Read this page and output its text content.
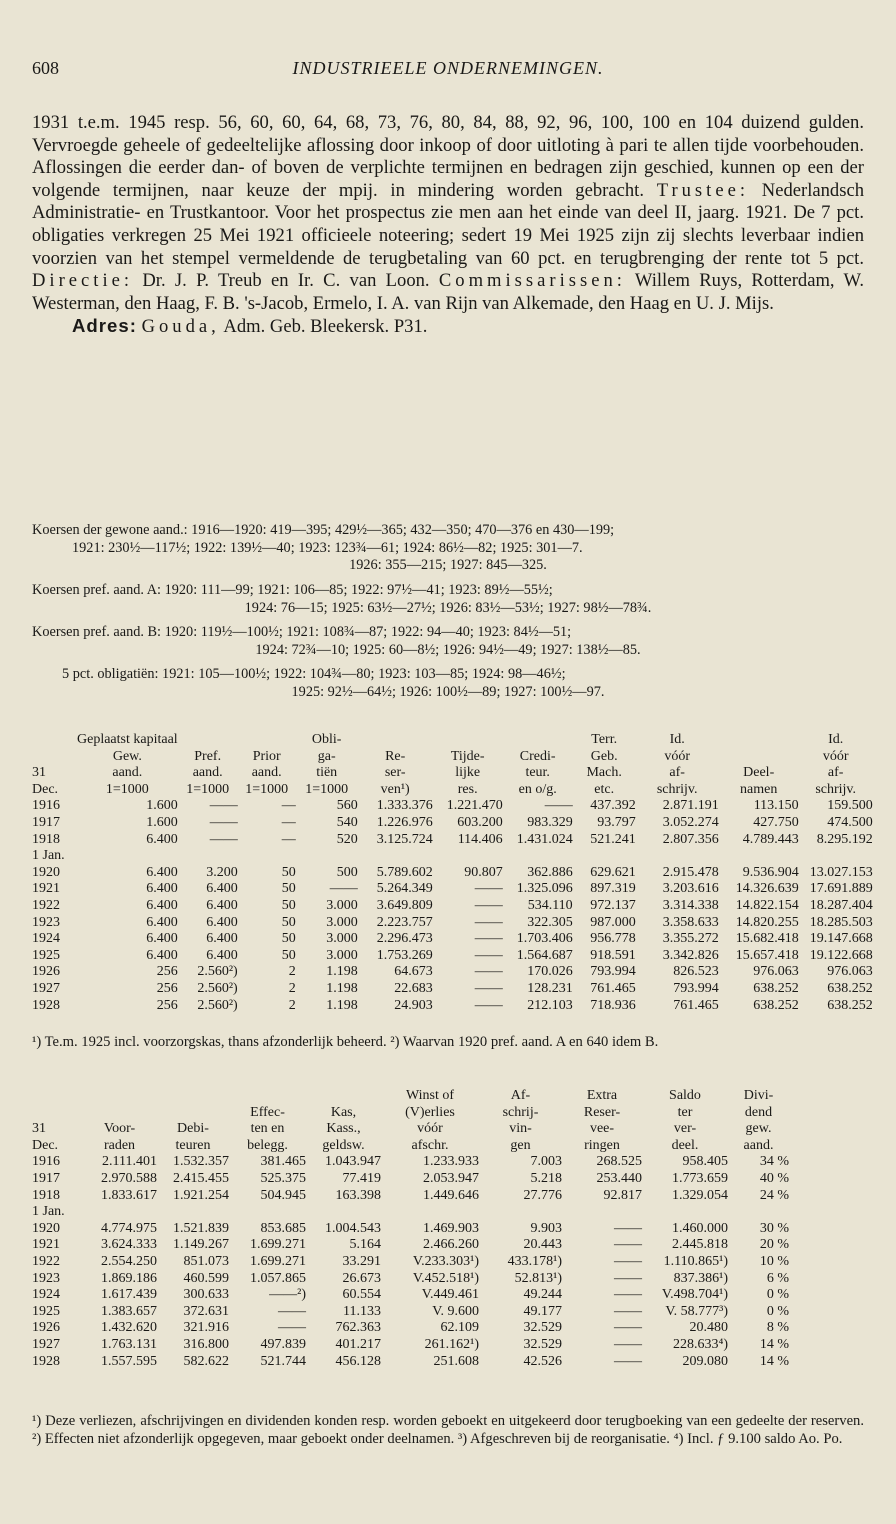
608	INDUSTRIEELE ONDERNEMINGEN.

1931 t.e.m. 1945 resp. 56, 60, 60, 64, 68, 73, 76, 80, 84, 88, 92, 96, 100, 100 en 104 duizend gulden. Vervroegde geheele of gedeeltelijke aflossing door inkoop of door uitloting à pari te allen tijde voorbehouden. Aflossingen die eerder dan- of boven de verplichte termijnen en bedragen zijn geschied, kunnen op een der volgende termijnen, naar keuze der mpij. in mindering worden gebracht. Trustee: Nederlandsch Administratie- en Trustkantoor. Voor het prospectus zie men aan het einde van deel II, jaarg. 1921. De 7 pct. obligaties verkregen 25 Mei 1921 officieele noteering; sedert 19 Mei 1925 zijn zij slechts leverbaar indien voorzien van het stempel vermeldende de terugbetaling van 60 pct. en terugbrenging der rente tot 5 pct. Directie: Dr. J. P. Treub en Ir. C. van Loon. Commissarissen: Willem Ruys, Rotterdam, W. Westerman, den Haag, F. B. 's-Jacob, Ermelo, I. A. van Rijn van Alkemade, den Haag en U. J. Mijs.

Adres: Gouda, Adm. Geb. Bleekersk. P31.

Koersen der gewone aand.: 1916—1920: 419—395; 429½—365; 432—350; 470—376 en 430—199;
1921: 230½—117½; 1922: 139½—40; 1923: 123¾—61; 1924: 86½—82; 1925: 301—7.
1926: 355—215; 1927: 845—325.
Koersen pref. aand. A: 1920: 111—99; 1921: 106—85; 1922: 97½—41; 1923: 89½—55½;
1924: 76—15; 1925: 63½—27½; 1926: 83½—53½; 1927: 98½—78¾.
Koersen pref. aand. B: 1920: 119½—100½; 1921: 108¾—87; 1922: 94—40; 1923: 84½—51;
1924: 72¾—10; 1925: 60—8½; 1926: 94½—49; 1927: 138½—85.
5 pct. obligatiën: 1921: 105—100½; 1922: 104¾—80; 1923: 103—85; 1924: 98—46½;
1925: 92½—64½; 1926: 100½—89; 1927: 100½—97.
	Geplaatst kapitaal			Obli-				Terr.	Id.		Id.
	Gew.	Pref.	Prior	ga-	Re-	Tijde-	Credi-	Geb.	vóór		vóór
31	aand.	aand.	aand.	tiën	ser-	lijke	teur.	Mach.	af-	Deel-	af-
Dec.	1=1000	1=1000	1=1000	1=1000	ven¹)	res.	en o/g.	etc.	schrijv.	namen	schrijv.
1916	1.600	——	—	560	1.333.376	1.221.470	——	437.392	2.871.191	113.150	159.500
1917	1.600	——	—	540	1.226.976	603.200	983.329	93.797	3.052.274	427.750	474.500
1918	6.400	——	—	520	3.125.724	114.406	1.431.024	521.241	2.807.356	4.789.443	8.295.192
1 Jan.											
1920	6.400	3.200	50	500	5.789.602	90.807	362.886	629.621	2.915.478	9.536.904	13.027.153
1921	6.400	6.400	50	——	5.264.349	——	1.325.096	897.319	3.203.616	14.326.639	17.691.889
1922	6.400	6.400	50	3.000	3.649.809	——	534.110	972.137	3.314.338	14.822.154	18.287.404
1923	6.400	6.400	50	3.000	2.223.757	——	322.305	987.000	3.358.633	14.820.255	18.285.503
1924	6.400	6.400	50	3.000	2.296.473	——	1.703.406	956.778	3.355.272	15.682.418	19.147.668
1925	6.400	6.400	50	3.000	1.753.269	——	1.564.687	918.591	3.342.826	15.657.418	19.122.668
1926	256	2.560²)	2	1.198	64.673	——	170.026	793.994	826.523	976.063	976.063
1927	256	2.560²)	2	1.198	22.683	——	128.231	761.465	793.994	638.252	638.252
1928	256	2.560²)	2	1.198	24.903	——	212.103	718.936	761.465	638.252	638.252

¹) Te.m. 1925 incl. voorzorgskas, thans afzonderlijk beheerd. ²) Waarvan 1920 pref. aand. A en 640 idem B.

					Winst of	Af-	Extra	Saldo	Divi-
			Effec-	Kas,	(V)erlies	schrij-	Reser-	ter	dend
31	Voor-	Debi-	ten en	Kass.,	vóór	vin-	vee-	ver-	gew.
Dec.	raden	teuren	belegg.	geldsw.	afschr.	gen	ringen	deel.	aand.
1916	2.111.401	1.532.357	381.465	1.043.947	1.233.933	7.003	268.525	958.405	34 %
1917	2.970.588	2.415.455	525.375	77.419	2.053.947	5.218	253.440	1.773.659	40 %
1918	1.833.617	1.921.254	504.945	163.398	1.449.646	27.776	92.817	1.329.054	24 %
1 Jan.									
1920	4.774.975	1.521.839	853.685	1.004.543	1.469.903	9.903	——	1.460.000	30 %
1921	3.624.333	1.149.267	1.699.271	5.164	2.466.260	20.443	——	2.445.818	20 %
1922	2.554.250	851.073	1.699.271	33.291	V.233.303¹)	433.178¹)	——	1.110.865¹)	10 %
1923	1.869.186	460.599	1.057.865	26.673	V.452.518¹)	52.813¹)	——	837.386¹)	6 %
1924	1.617.439	300.633	——²)	60.554	V.449.461	49.244	——	V.498.704¹)	0 %
1925	1.383.657	372.631	——	11.133	V. 9.600	49.177	——	V. 58.777³)	0 %
1926	1.432.620	321.916	——	762.363	62.109	32.529	——	20.480	8 %
1927	1.763.131	316.800	497.839	401.217	261.162¹)	32.529	——	228.633⁴)	14 %
1928	1.557.595	582.622	521.744	456.128	251.608	42.526	——	209.080	14 %

¹) Deze verliezen, afschrijvingen en dividenden konden resp. worden geboekt en uitgekeerd door terugboeking van een gedeelte der reserven. ²) Effecten niet afzonderlijk opgegeven, maar geboekt onder deelnamen. ³) Afgeschreven bij de reorganisatie. ⁴) Incl. ƒ 9.100 saldo Ao. Po.
